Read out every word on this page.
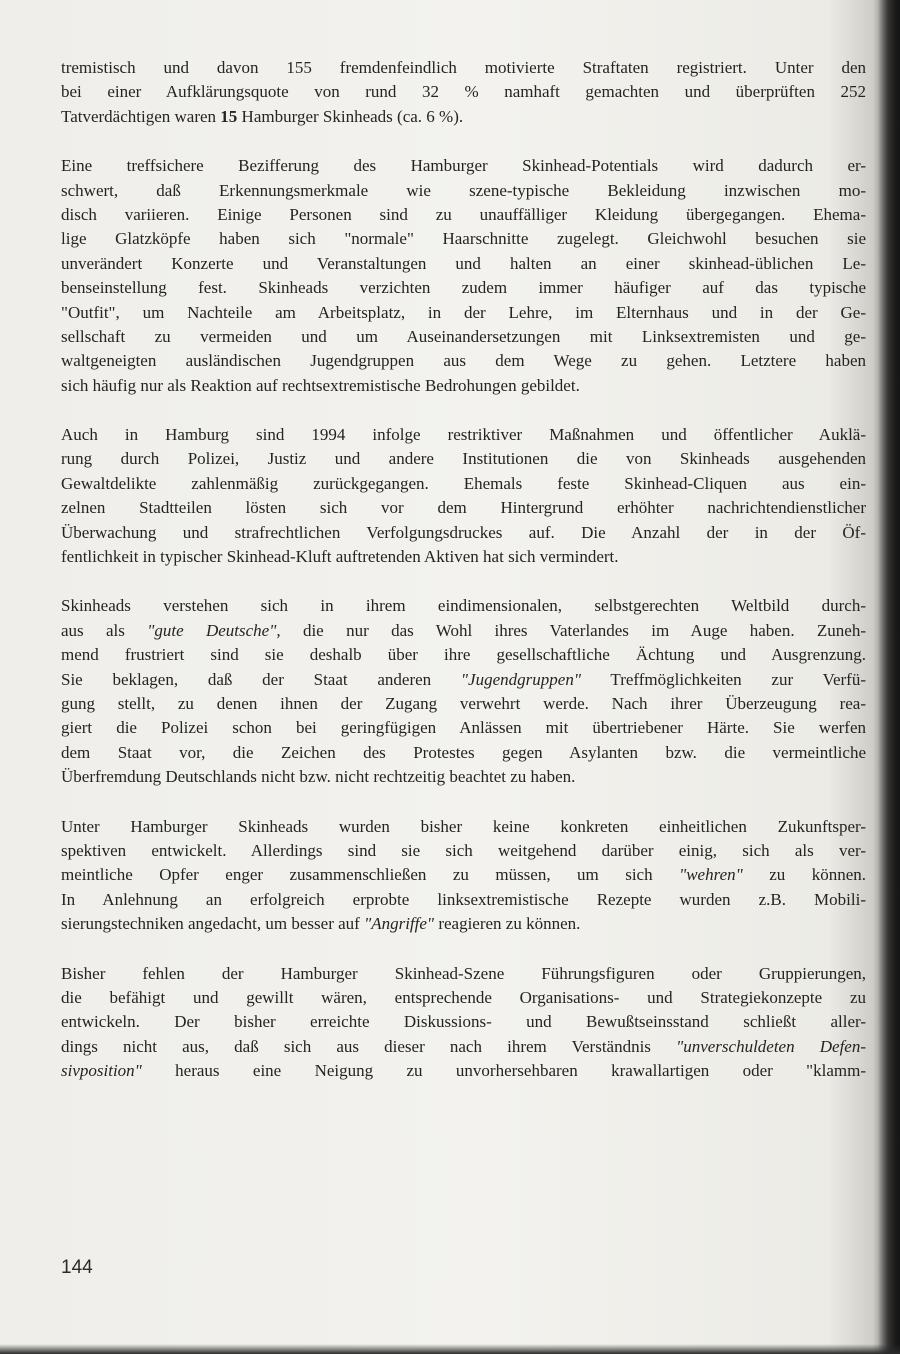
tremistisch und davon 155 fremdenfeindlich motivierte Straftaten registriert. Unter den
bei einer Aufklärungsquote von rund 32 % namhaft gemachten und überprüften 252
Tatverdächtigen waren 15 Hamburger Skinheads (ca. 6 %).
Eine treffsichere Bezifferung des Hamburger Skinhead-Potentials wird dadurch er-
schwert, daß Erkennungsmerkmale wie szene-typische Bekleidung inzwischen mo-
disch variieren. Einige Personen sind zu unauffälliger Kleidung übergegangen. Ehema-
lige Glatzköpfe haben sich "normale" Haarschnitte zugelegt. Gleichwohl besuchen sie
unverändert Konzerte und Veranstaltungen und halten an einer skinhead-üblichen Le-
benseinstellung fest. Skinheads verzichten zudem immer häufiger auf das typische
"Outfit", um Nachteile am Arbeitsplatz, in der Lehre, im Elternhaus und in der Ge-
sellschaft zu vermeiden und um Auseinandersetzungen mit Linksextremisten und ge-
waltgeneigten ausländischen Jugendgruppen aus dem Wege zu gehen. Letztere haben
sich häufig nur als Reaktion auf rechtsextremistische Bedrohungen gebildet.
Auch in Hamburg sind 1994 infolge restriktiver Maßnahmen und öffentlicher Auklä-
rung durch Polizei, Justiz und andere Institutionen die von Skinheads ausgehenden
Gewaltdelikte zahlenmäßig zurückgegangen. Ehemals feste Skinhead-Cliquen aus ein-
zelnen Stadtteilen lösten sich vor dem Hintergrund erhöhter nachrichtendienstlicher
Überwachung und strafrechtlichen Verfolgungsdruckes auf. Die Anzahl der in der Öf-
fentlichkeit in typischer Skinhead-Kluft auftretenden Aktiven hat sich vermindert.
Skinheads verstehen sich in ihrem eindimensionalen, selbstgerechten Weltbild durch-
aus als "gute Deutsche", die nur das Wohl ihres Vaterlandes im Auge haben. Zuneh-
mend frustriert sind sie deshalb über ihre gesellschaftliche Ächtung und Ausgrenzung.
Sie beklagen, daß der Staat anderen "Jugendgruppen" Treffmöglichkeiten zur Verfü-
gung stellt, zu denen ihnen der Zugang verwehrt werde. Nach ihrer Überzeugung rea-
giert die Polizei schon bei geringfügigen Anlässen mit übertriebener Härte. Sie werfen
dem Staat vor, die Zeichen des Protestes gegen Asylanten bzw. die vermeintliche
Überfremdung Deutschlands nicht bzw. nicht rechtzeitig beachtet zu haben.
Unter Hamburger Skinheads wurden bisher keine konkreten einheitlichen Zukunftsper-
spektiven entwickelt. Allerdings sind sie sich weitgehend darüber einig, sich als ver-
meintliche Opfer enger zusammenschließen zu müssen, um sich "wehren" zu können.
In Anlehnung an erfolgreich erprobte linksextremistische Rezepte wurden z.B. Mobili-
sierungstechniken angedacht, um besser auf "Angriffe" reagieren zu können.
Bisher fehlen der Hamburger Skinhead-Szene Führungsfiguren oder Gruppierungen,
die befähigt und gewillt wären, entsprechende Organisations- und Strategiekonzepte zu
entwickeln. Der bisher erreichte Diskussions- und Bewußtseinsstand schließt aller-
dings nicht aus, daß sich aus dieser nach ihrem Verständnis "unverschuldeten Defen-
sivposition" heraus eine Neigung zu unvorhersehbaren krawallartigen oder "klamm-
144
